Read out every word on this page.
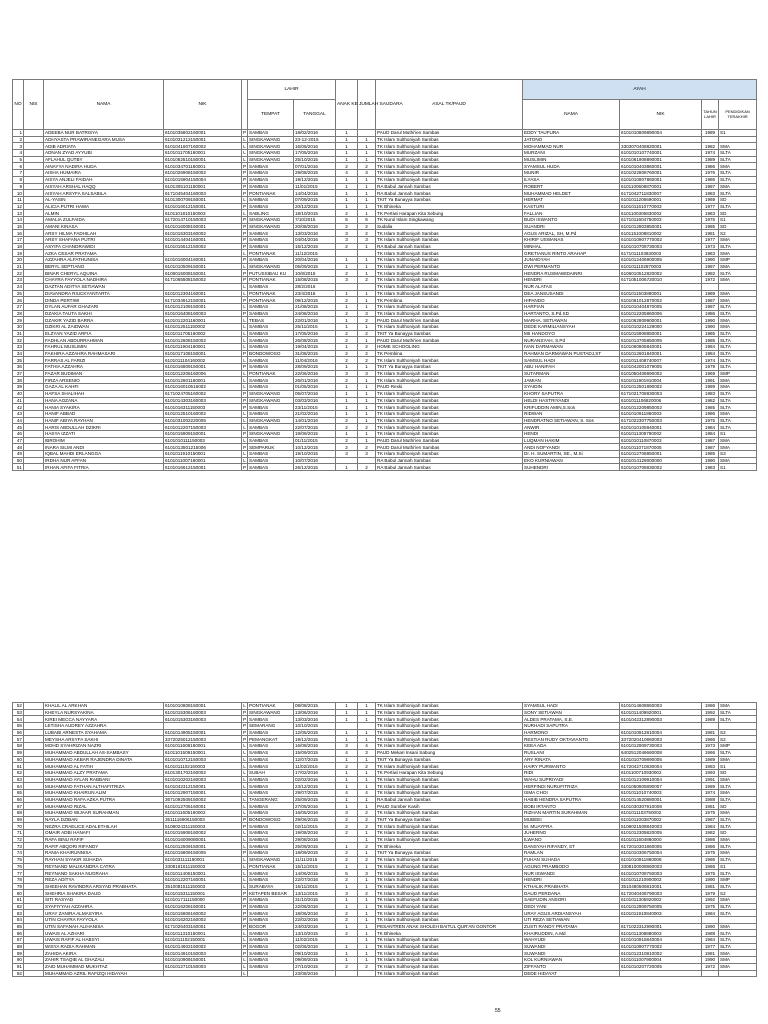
NO	NIS	NAMA	NIK		LAHIR		ANAK KE	JUMLAH SAUDARA	ASAL TK/PAUD	AYAH			
					TEMPAT	TANGGAL				NAMA	NIK	TAHUN LAHIR	PENDIDIKAN TERAKHIR
1		ADEEBA NUR BATRISYA	6101035802160001	P	SAMBAS	18/02/2016	1		PAUD Darul Muthi'ien Sambas	EDDY TAUFURA	6101010809890004	1989	S1
2		ADHYASTA PRAWIRANEGARA MUSA	6101031212150001	L	SINGKAWANG	23-12-2015	1	1	TK Islam Sulthoniyah Sambas	JATONO			
3		ADIB ADRIATA	6101041607160002	L	SINGKAWANG	16/06/2016	1	1	TK Islam Sulthoniyah Sambas	MOHAMMAD NUR	3303070408820001	1982	SMA
4		ADNAN ZYAD AYYUBI	6101011705160001	L	SINGKAWANG	17/05/2016	1	1	TK Islam Sulthoniyah Sambas	MURZANI	6101010107740001	1974	SLTA
5		AFLAHUL QUTBY	6101062510150001	L	SINGKAWANG	25/10/2015	1	1	TK Islam Sulthoniyah Sambas	MUSLIMIN	6101061908890001	1989	SLTA
6		AINAYYA NADIRA HUDA	6101034701160001	P	SAMBAS	07/01/2016	2	2	TK Islam Sulthoniyah Sambas	SYAMSUL HUDA	6101010403860001	1986	SMA
7		AISHA HUMAIRA	6101026908150002	P	SAMBAS	29/08/2015	4	3	TK Islam Sulthoniyah Sambas	MUNIR	6101022808760001	1976	SLTA
8		AISYA ANJELI FAIDAH	6101015904150004	P	SAMBAS	19/12/2015	1	1	TK Islam Sulthoniyah Sambas	ILYASA	6101010807860001	1986	SLTA
9		AISYAH ARSHAL HAQQ	6101305101150001	P	SAMBAS	11/01/2015	1	1	RA Babul Jannah Sambas	ROBERT	6101100608870001	1987	SMA
10		AISYAH ARSYFA SALSABILA	6171045404160003	P	PONTIANAK	14/04/2016	1	1	RA Babul Jannah Sambas	MUHAMMAD HELDET	6171042711830007	1983	SLTA
11		AL-YASIN	6101300709150001	L	SAMBAS	07/09/2015	1	1	TKIT Ya Bunayya Sambas	HERMAT	6101011206690001	1969	SD
12		ALICIA PUTRI HAWA	6101016012150001	P	SAMBAS	20/12/2015	1	1	TK Bhineka	KASTURI	6101011610770003	1977	SLTA
13		ALMIN	6101101810150003	L	SABLING	18/10/2015	2	1	TK Pertiwi Harapan Kita Sebung	FALLIAN	6101100305830002	1983	SD
14		AMALIA ZULFAIDA	6172014710150003	P	SINGKAWANG	7/10/2015	5	6	TK Nurul Islam Singkawang	BUDI ISWANTO	6171011604750003	1975	S1
15		AMANI KINASA	6101016008160001	P	SINGKAWANG	20/08/2016	2	2	Sudalia	SUANDRI	6101012803850001	1985	SD
16		ARSY HILMA FADHILAH	6101015303160002	P	SAMBAS	13/03/2016	3	2	TK Islam Sulthoniyah Sambas	AGUS ARIZAL, SH, M.Pd	6101151008810002	1981	S2
17		ARSY SHAFANA PUTRI	6101014404160001	P	SAMBAS	04/04/2016	3	3	TK Islam Sulthoniyah Sambas	KHIRIF USWANAS	6101010907770002	1977	SMA
18		ASYIFA CHANDRAWIDI	6101015512150002	P	SAMBAS	15/12/2015	2	1	RA Babul Jannah Sambas	MINHAL	6101010708730003	1973	SLTA
19		AZKA CESAR PRATAMA		L	PONTIANAK	11/12/2015			TK Islam Sulthoniyah Sambas	GRETIANUS RINTO ARAHAP	6171011103830003	1983	SMA
20		AZZAHRA ALFATHUNISA	6101016004160001	P	SAMBAS	20/04/2016	1	1	TK Islam Sulthoniyah Sambas	JUNAIDYAH	6101012406900005	1990	SMP
21		BERYL SEPTIANO	6101010509150001	L	SINGKAWANG	05/09/2015	1	1	TK Islam Sulthoniyah Sambas	DWI PERMANTO	6101011102870003	1987	SMA
22		BINAR CHERYL AQUINA	6106015008150001	P	PUTUSSIBAU KU	10/8/2015	2	1	TK Islam Sulthoniyah Sambas	HENDRA RUSMAWIDAINRI	6106010512820002	1982	SLTA
23		CHAYRA FAYYOLA NADHIRA	6171065508150002	P	PONTIANAK	15/08/2015	3	2	TK Islam Sulthoniyah Sambas	HENDRI	6171051006720010	1972	SMA
24		DAZTAN ADITYA SETIAWAN		L	SAMBAS	28/2/2016			TK Islam Sulthoniyah Sambas	NUR ALATAS			
25		DIAVANDRA RIUCKYANTARTA	6101012304160001	L	PONTIANAK	23/4/2016	1	1	TK Islam Sulthoniyah Sambas	DEA JANSUSANDI	6101011503890001	1989	SMA
26		DINDA PERTIWI	6171034912150001	P	PONTIANAK	09/12/2015	2	1	TK Pembina	HIPANDO	6101061012870002	1987	SMA
27		DYLAN AUFAR GHAZARI	6101012108150001	L	SAMBAS	21/08/2015	1	1	TK Islam Sulthoniyah Sambas	HARFIAN	6101010404870005	1987	SLTA
28		DZAKIA TAUTA SAKHI	6101016408160003	P	SAMBAS	24/08/2016	2	3	TK Islam Sulthoniyah Sambas	HARTANTO, S.Pd.SD	6101012205860006	1986	SLTA
29		DZAKIR YAZID BARRA	6101012201160001	L	TEBAS	22/01/2016	1	2	PAUD Darul Muthi'ien Sambas	MARHA. SETIAWAN	6101062809900001	1990	SMA
30		DZIKRI AL ZAIDWAN	6101012511150002	L	SAMBAS	25/11/2015	1	1	TK Islam Sulthoniyah Sambas	DEDE KARMILIANSYAH	6101010224129000	1990	SMA
31		ELZYAN YAZID ARFIA	6101011705160002	L	SAMBAS	17/05/2016	2	2	TKIT Ya Bunayya Sambas	MII HANDOYO	6101015908850001	1985	SLTA
32		FADHLAN ABDURRAHMAN	6101012608150002	L	SAMBAS	26/08/2015	2	1	PAUD Darul Muthi'ien Sambas	NURANSYAH, S.Pd	6101013705850005	1985	SLTA
33		FAHRUL MUSLIMIN	6101011904160001	L	SAMBAS	19/04/2015	1	2	HOME SCHOOLING	IVAN DARMAWAN	6101060805840001	1984	SLTA
34		FAKHIRA AZZAHRA RAHMASARI	6101017108150001	P	BONDOWOSO	31/08/2015	2	2	TK Pembina	RAHMAN DARMAWAN PUSTADJ,ST	6101012601840001	1984	SLTA
35		FARRAS AL FARIZI	6101011104160002	L	SAMBAS	11/04/2016	2	2	TK Islam Sulthoniyah Sambas	SAMSUL HADI	6101011408740007	1974	SLTA
36		FATHIA AZZAHRA	6101016809150001	P	SAMBAS	28/09/2015	1	1	TKIT Ya Bunayya Sambas	ABU HANIFAH	6101042001079005	1979	SLTA
37		FAZAR BUDIMAN	6101012206160006	L	PONTIANAK	22/06/2016	3	3	TK Islam Sulthoniyah Sambas	SUTARMAN	6101050408690002	1969	SMP
38		FIRZA ARSENIO	6101012601160001	L	SAMBAS	26/01/2016	2	1	TK Islam Sulthoniyah Sambas	JAMIAN	6101011901910004	1991	SMA
39		GAZA AL KAHFI	6101016010516002	L	SAMBAS	01/05/2016	1	1	PAUD Rexki	SYAIDIN	6101012501890002	1989	SMA
40		HAFSA SHALIHAH	6171024705160002	P	SINGKAWANG	05/07/2016	1	1	TK Islam Sulthoniyah Sambas	KHORY SAPUTRA	6171021708830003	1983	SLTA
41		HANA AOZANA	6101014303160003	P	SINGKAWANG	03/03/2016	1	1	TK Islam Sulthoniyah Sambas	HELDI HASTRIYANDI	6101011106820006	1982	SLTA
42		HANIA SYAKIRA	6101016311150003	P	SAMBAS	23/11/2015	1	1	TK Islam Sulthoniyah Sambas	KRIFUDDIN AMIN,S.Sos	6101012209850002	1985	SLTA
43		HANIF ABBAD	6101012510160002	L	SAMBAS	21/02/2016	1	1	TK Islam Sulthoniyah Sambas	RIDWAN	6101010911860003	1986	SMA
44		HANIF ABIYA RAYHAN	6101031002220005	L	SINGKAWANG	14/01/2016	2	1	TK Islam Sulthoniyah Sambas	HENDRATNO SETIAWAN, S. Sos	6171022307750003	1975	SLTA
45		HARIS ABDULLAH DZIKRI	6101012207150003	L	SAMBAS	22/07/2015	2	2	TK Islam Sulthoniyah Sambas	ANWIR	6101010105840001	1984	SLTA
46		HASYA IZZATI	6101015909150001	P	SINGKAWANG	19/09/2015	1	1	TK Islam Sulthoniyah Sambas	HENDI	6101011309790002	1984	S1
47		IBROHIM	6101010111150003	L	SAMBAS	01/11/2015	2	1	PAUD Darul Muthi'ien Sambas	LUQMAN HAKIM	6101010110870003	1987	SMA
48		INARA SILMI ANDI	6101013501215006	P	SEMPARUK	10/12/2015	2	2	PAUD Darul Muthi'ien Sambas	ANDI NOFYANDI	6101011071870005	1987	SMA
49		IQBAL MAHDI ERLANGGA	6101011910150001	L	SAMBAS	19/10/2015	3	3	TK Islam Sulthoniyah Sambas	Dr. H. SUMARTIN, SE., M.Si	6101012708850001	1985	S3
50		IRDHA NUR AFFAN	6101011007160001	L	SAMBAS	10/07/2016			RA Babul Jannah Sambas	EKO KURNIAWAN	6101014129000000	1990	SMA
51		IRHAN AFIFA FITRIA	6101016612150001	P	SAMBAS	26/12/2015	1	2	RA Babul Jannah Sambas	SUHENDRI	6101010708830002	1983	S1
52		KHALIL AL ARKHAN	6101010808150001	L	PONTIANAK	08/08/2015	1	1	TK Islam Sulthoniyah Sambas	SYAMSUL HADI	6101014608860003	1986	SMA
53		KHEYLA NURSYAKINA	6101015306160003	P	SINGKAWANG	13/06/2016	1	1	TK Islam Sulthoniyah Sambas	SONY SETIAWAN	6101011409920001	1992	SLTA
54		KIREI MECCA NAYYARA	6101015303160003	P	SAMBAS	13/03/2016	1	1	TK Islam Sulthoniyah Sambas	ALDES PRATAMA, S.E.	6101042312890003	1989	SLTA
55		LETISHA AUDREY AZZAHRA		P	SEMARANG	10/10/2015			TK Islam Sulthoniyah Sambas	NURHADI SAPUTRA			
56		LUBABI ARNESTA SYAHAMA	6101014905150001	P	SAMBAS	12/05/2015	1	1	TK Islam Sulthoniyah Sambas	HARMONO	6101010912810004	1981	S2
57		MEYSHA ARSYFA SAKHI	3372025012150003	P	PEMANGKAT	19/12/2015	1	1	TK Islam Sulthoniyah Sambas	RESTIAN RUDY OKTAVIANTO	3372020410860003	1986	S2
58		MOHD SYAHRIZAN NAZRI	6101011608160001	L	SAMBAS	16/08/2016	3	4	TK Islam Sulthoniyah Sambas	KEEA ADA	6101012909730003	1973	SMP
59		MUHAMMAD ABDULLAH AS-SAMBASY	6101101509150001	L	SAMBAS	15/09/2015	4	3	PAUD Mekari Insani Sabung	RUSLANI	6402512046660008	1966	SLTA
60		MUHAMMAD AKBAR RAJENDRA DINATA	6101010712150003	L	SAMBAS	12/07/2015	1	1	TKIT Ya Bunayya Sambas	ARY RINATA	6101010709890005	1989	SMA
61		MUHAMMAD AL FATIH	6101011102160003	L	SAMBAS	11/02/2016	2	2	TK Islam Sulthoniyah Sambas	HAIRY PURWANTO	6172042710830004	1983	S1
62		MUHAMMAD ALZY PRATAMA	6101301702160002	L	SUBAH	17/02/2016	1	1	TK Pertiwi Harapan Kita Sebung	RIDI	6101100710930002	1993	SD
63		MUHAMMAD AYLAN RABBANI	6101010202160003	L	SAMBAS	02/02/2016	1	1	TK Islam Sulthoniyah Sambas	WAHU SUPRIYADI	6101012109910004	1991	SMA
64		MUHAMMAD FATHAN ALTHAFITRIZA	6101042312150001	L	SAMBAS	23/12/2015	1	1	TK Islam Sulthoniyah Sambas	HERFINDI NURUFITRIZA	6101050805890007	1989	SLTA
65		MUHAMMAD KHAIRUN ALIM	6101012907150001	L	SAMBAS	29/07/2015	4	4	TK Islam Sulthoniyah Sambas	ISMA CHOI	6101011010740003	1974	SMA
66		MUHAMMAD RAFA AZKA PUTRA	3671092509150002	L	TANGERANG	25/09/2015	1	1	RA Babul Jannah Sambas	HABIB HENDRA SAPUTRA	6101014520880001	1988	SLTA
67		MUHAMMAD RIZAL	6101012705160001	L	SAMBAS	27/05/2016	1	1	PAUD Sumber Kasih	BOBI IRTANTO	6101030307910008	1981	SD
68		MUHAMMAD WIJAAR SURAHMAN	6101011605160002	L	SAMBAS	16/05/2016	3	2	TK Islam Sulthoniyah Sambas	RIZHAN MARTIN SURAHMAN	6101011103750002	1975	SMA
69		NAYLA DZIBAN	3511116906150003	P	BONDOWOSO	29/06/2015	2	2	TKIT Ya Bunayya Sambas	MUBEEI	6101011003870002	1987	SLTA
70		NEZRA CRAELICE ADALETHILAH	5108024311150003	P	SAMBAS	02/11/2015	2	2	TK Islam Sulthoniyah Sambas	M. MUAYFRA	5108021508840003	1984	SLTA
71		OMAIR ADBI HANAFI	6101015908160002	L	SAMBAS	19/08/2016	2	1	TK Islam Sulthoniyah Sambas	JUHERNO	6101012305820005	1982	SD
72		RAFA IBNU RAFIF	6101016009080001	L	SAMBAS	29/08/2016		1	TK Islam Sulthoniyah Sambas	ILWANO	6101011604860000	1986	SMA
73		RAFIF ABQORI RIFANDY	6101012509150001	L	SAMBAS	25/09/2015	1	2	TK Bhineka	DANSYAH RIFANDY, ST	6172010301860005	1986	SLTA
74		RANIA KHAIRUNNISA	6101015809150005	P	SAMBAS	18/09/2015	2	1	TKIT Ya Bunayya Sambas	RAMLAN	6101010306750004	1975	SMA
75		RAYHAN SYAKIR SUHADA	6101031111150001	L	SINGKAWANG	11/11/2015	2	2	TK Islam Sulthoniyah Sambas	FUHAN SUHADA	6101010911860008	1986	SLTA
76		REYNAND MALIKANDRA CATRA	3308181611150003	L	PONTIANAK	15/11/2015	1	1	TK Islam Sulthoniyah Sambas	AGUNG PRAMBODO	3308100008860003	1986	S1
77		REYNAND SAKHA NUGRAHA	6101011406150001	L	SAMBAS	14/06/2015	5	3	TK Islam Sulthoniyah Sambas	NUR ISWANDI	6101010708750003	1975	SLTA
78		REZA ADITYA	6101012207160001	L	SAMBAS	22/07/2016	2	1	TK Islam Sulthoniyah Sambas	HENDRI	6101011210900002	1990	SMP
79		SHEEHAN RAVINDRA ARSYAD PRABHATA	3510081511150003	L	SURABAYA	15/11/2015	1	1	TK Islam Sulthoniyah Sambas	KTHALIK PRABHATA	3510480506810001	1981	SLTA
80		SHEHRIA SHAKIRA DAUD	6101015311150001	P	KETAPEN BESAR	13/11/2015	3	2	TK Islam Sulthoniyah Sambas	DAUD PERDANA	6172040408790003	1979	S2
81		SITI RASYAD	6101017111150000	P	SAMBAS	31/10/2015	1	1	TK Islam Sulthoniyah Sambas	SAEFUDIN ANSORI	6101011305920002	1992	SMA
82		SYAFIYYAH AZZAHRA	6101016206160001	P	SAMBAS	22/06/2016	1	1	TK Islam Sulthoniyah Sambas	DEDI YANI	6101012909750005	1975	SLTA
83		URAY ZANIRA ALMASYIRA	6101015806160002	P	SAMBAS	18/06/2016	2	1	TK Islam Sulthoniyah Sambas	URAY AGUS ARDIANSYAH	6101011910840003	1984	SLTA
84		UTIN CHAYRA FAYYOLA	6101016202160002	P	SAMBAS	22/02/2016	2	1	TK Islam Sulthoniyah Sambas	UTI REZA SETIAWAN			
85		UTIN SAFANAH ALIHANISA	6171026403160001	P	BOGOR	24/03/2016	1	1	PESANTREN ANAK SHOLEH BAITUL QUR'AN GONTOR	ZUSTI RANDY PRATAMA	6171022312990001	1990	SMA
86		UWAIS AL AZHARI	6101011310150001	L	SAMBAS	13/10/2015	2	1	TK Bhineka	KHAIRUDDIN, A.Md	6101011308880003	1988	SLTA
87		UWAIS RAFIF AL HABSYI	6101011102150001	L	SAMBAS	11/02/2015		1	TK Islam Sulthoniyah Sambas	WAHYUDI	6101010915840004	1984	SLTA
88		WISYA RADIA RAHMAN	6101014602160002	P	SAMBAS	02/06/2016	1	1	TK Islam Sulthoniyah Sambas	SUWANDI	6101010907770002	1977	SLTA
89		ZAHIDA AKIRA	6101014910150003	P	SAMBAS	09/10/2015	1	1	TK Islam Sulthoniyah Sambas	SUWANDI	6101012310810002	1981	SMA
90		ZAHIR TSAQIB AL GHAZALI	6101010909150001	L	SAMBAS	09/09/2015	1	1	TK Islam Sulthoniyah Sambas	KOL KURNIAWAN	6101011007900004	1990	SMA
91		ZAID MUHAMMAD MUKHTAZ	6101012710150003	L	SAMBAS	27/10/2015	2	2	TK Islam Sulthoniyah Sambas	ZIFFANTO	6101010207720005	1972	SMA
92		MUHAMMAD AZRIL RAFIZQI HIDAYAH		L		23/08/2016			TK Islam Sulthoniyah Sambas	DEDE HIDAYAT			
55
